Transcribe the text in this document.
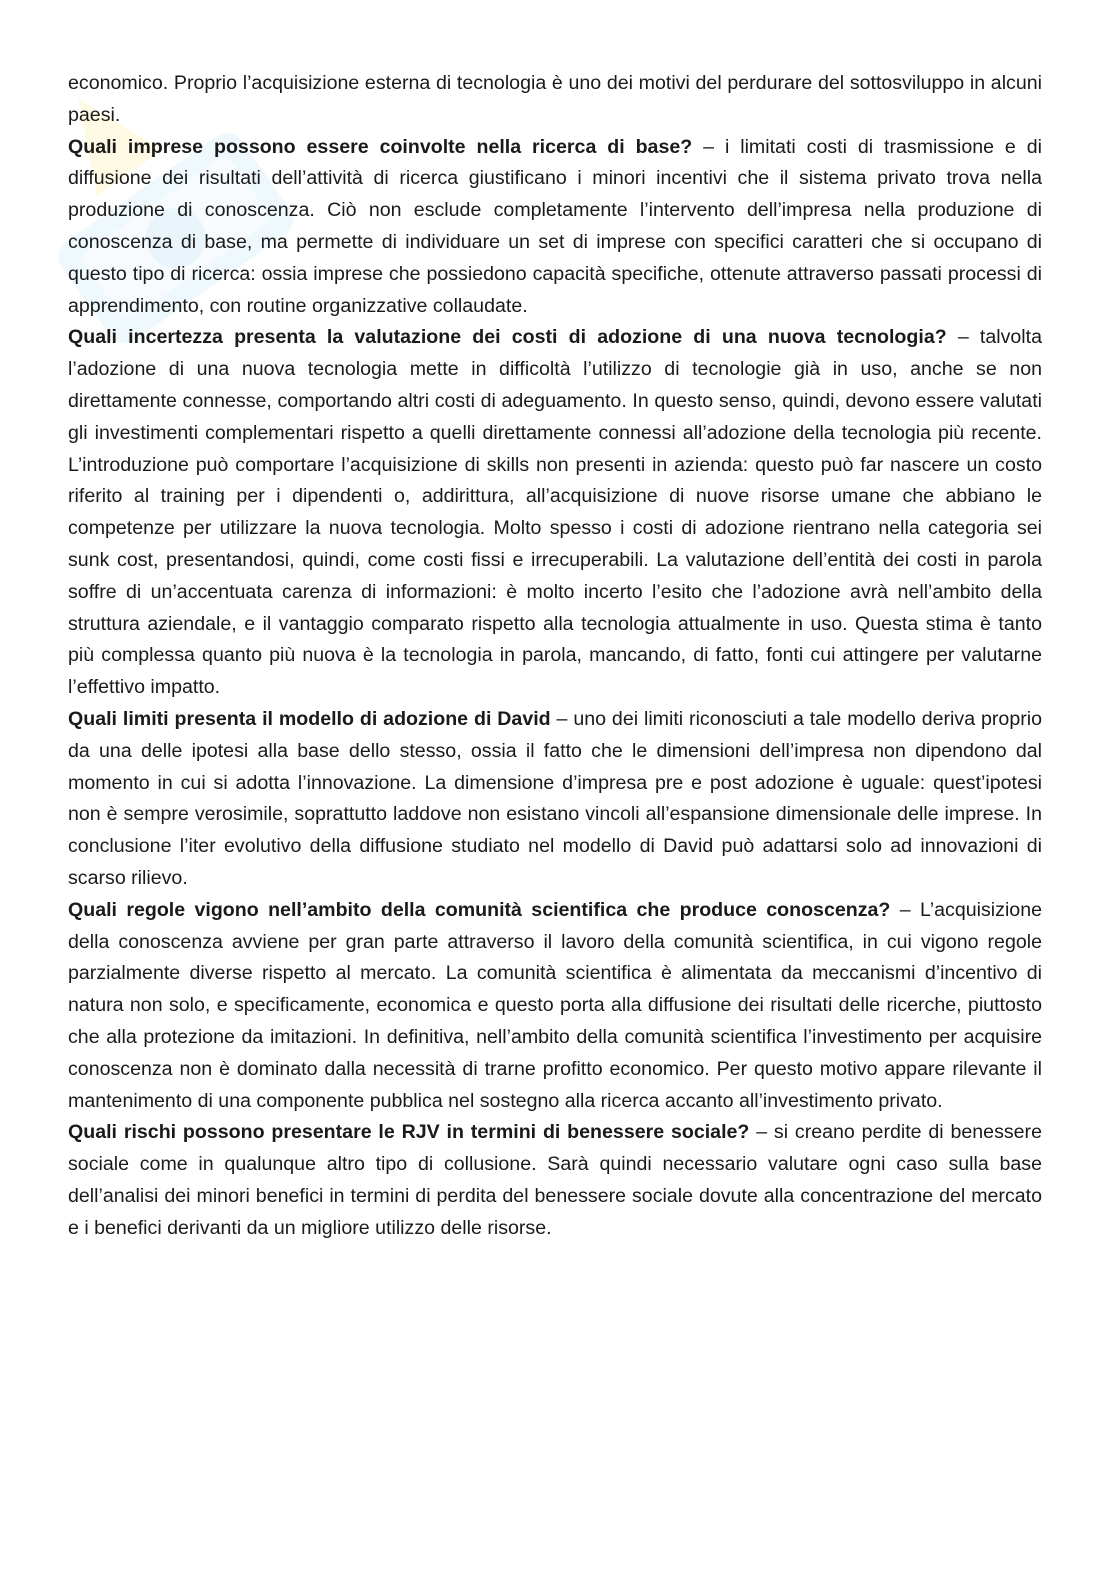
economico. Proprio l’acquisizione esterna di tecnologia è uno dei motivi del perdurare del sottosviluppo in alcuni paesi.

Quali imprese possono essere coinvolte nella ricerca di base? – i limitati costi di trasmissione e di diffusione dei risultati dell’attività di ricerca giustificano i minori incentivi che il sistema privato trova nella produzione di conoscenza. Ciò non esclude completamente l’intervento dell’impresa nella produzione di conoscenza di base, ma permette di individuare un set di imprese con specifici caratteri che si occupano di questo tipo di ricerca: ossia imprese che possiedono capacità specifiche, ottenute attraverso passati processi di apprendimento, con routine organizzative collaudate.

Quali incertezza presenta la valutazione dei costi di adozione di una nuova tecnologia? – talvolta l’adozione di una nuova tecnologia mette in difficoltà l’utilizzo di tecnologie già in uso, anche se non direttamente connesse, comportando altri costi di adeguamento. In questo senso, quindi, devono essere valutati gli investimenti complementari rispetto a quelli direttamente connessi all’adozione della tecnologia più recente. L’introduzione può comportare l’acquisizione di skills non presenti in azienda: questo può far nascere un costo riferito al training per i dipendenti o, addirittura, all’acquisizione di nuove risorse umane che abbiano le competenze per utilizzare la nuova tecnologia. Molto spesso i costi di adozione rientrano nella categoria sei sunk cost, presentandosi, quindi, come costi fissi e irrecuperabili. La valutazione dell’entità dei costi in parola soffre di un’accentuata carenza di informazioni: è molto incerto l’esito che l’adozione avrà nell’ambito della struttura aziendale, e il vantaggio comparato rispetto alla tecnologia attualmente in uso. Questa stima è tanto più complessa quanto più nuova è la tecnologia in parola, mancando, di fatto, fonti cui attingere per valutarne l’effettivo impatto.

Quali limiti presenta il modello di adozione di David – uno dei limiti riconosciuti a tale modello deriva proprio da una delle ipotesi alla base dello stesso, ossia il fatto che le dimensioni dell’impresa non dipendono dal momento in cui si adotta l’innovazione. La dimensione d’impresa pre e post adozione è uguale: quest’ipotesi non è sempre verosimile, soprattutto laddove non esistano vincoli all’espansione dimensionale delle imprese. In conclusione l’iter evolutivo della diffusione studiato nel modello di David può adattarsi solo ad innovazioni di scarso rilievo.

Quali regole vigono nell’ambito della comunità scientifica che produce conoscenza? – L’acquisizione della conoscenza avviene per gran parte attraverso il lavoro della comunità scientifica, in cui vigono regole parzialmente diverse rispetto al mercato. La comunità scientifica è alimentata da meccanismi d’incentivo di natura non solo, e specificamente, economica e questo porta alla diffusione dei risultati delle ricerche, piuttosto che alla protezione da imitazioni. In definitiva, nell’ambito della comunità scientifica l’investimento per acquisire conoscenza non è dominato dalla necessità di trarne profitto economico. Per questo motivo appare rilevante il mantenimento di una componente pubblica nel sostegno alla ricerca accanto all’investimento privato.

Quali rischi possono presentare le RJV in termini di benessere sociale? – si creano perdite di benessere sociale come in qualunque altro tipo di collusione. Sarà quindi necessario valutare ogni caso sulla base dell’analisi dei minori benefici in termini di perdita del benessere sociale dovute alla concentrazione del mercato e i benefici derivanti da un migliore utilizzo delle risorse.
